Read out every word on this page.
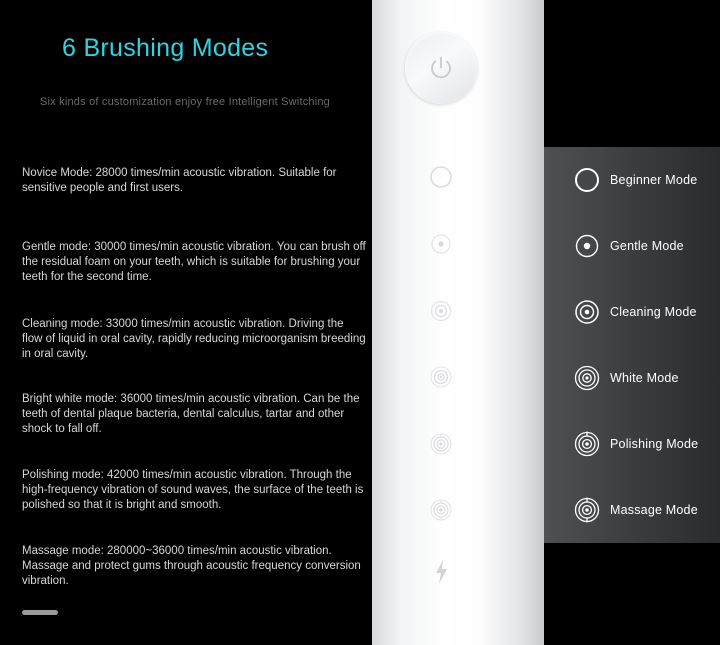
6 Brushing Modes
Six kinds of customization enjoy free Intelligent Switching
Novice Mode: 28000 times/min acoustic vibration. Suitable for sensitive people and first users.
Gentle mode: 30000 times/min acoustic vibration. You can brush off the residual foam on your teeth, which is suitable for brushing your teeth for the second time.
Cleaning mode: 33000 times/min acoustic vibration. Driving the flow of liquid in oral cavity, rapidly reducing microorganism breeding in oral cavity.
Bright white mode: 36000 times/min acoustic vibration. Can be the teeth of dental plaque bacteria, dental calculus, tartar and other shock to fall off.
Polishing mode: 42000 times/min acoustic vibration. Through the high-frequency vibration of sound waves, the surface of the teeth is polished so that it is bright and smooth.
Massage mode: 280000~36000 times/min acoustic vibration. Massage and protect gums through acoustic frequency conversion vibration.
Beginner Mode
Gentle Mode
Cleaning Mode
White Mode
Polishing Mode
Massage Mode
